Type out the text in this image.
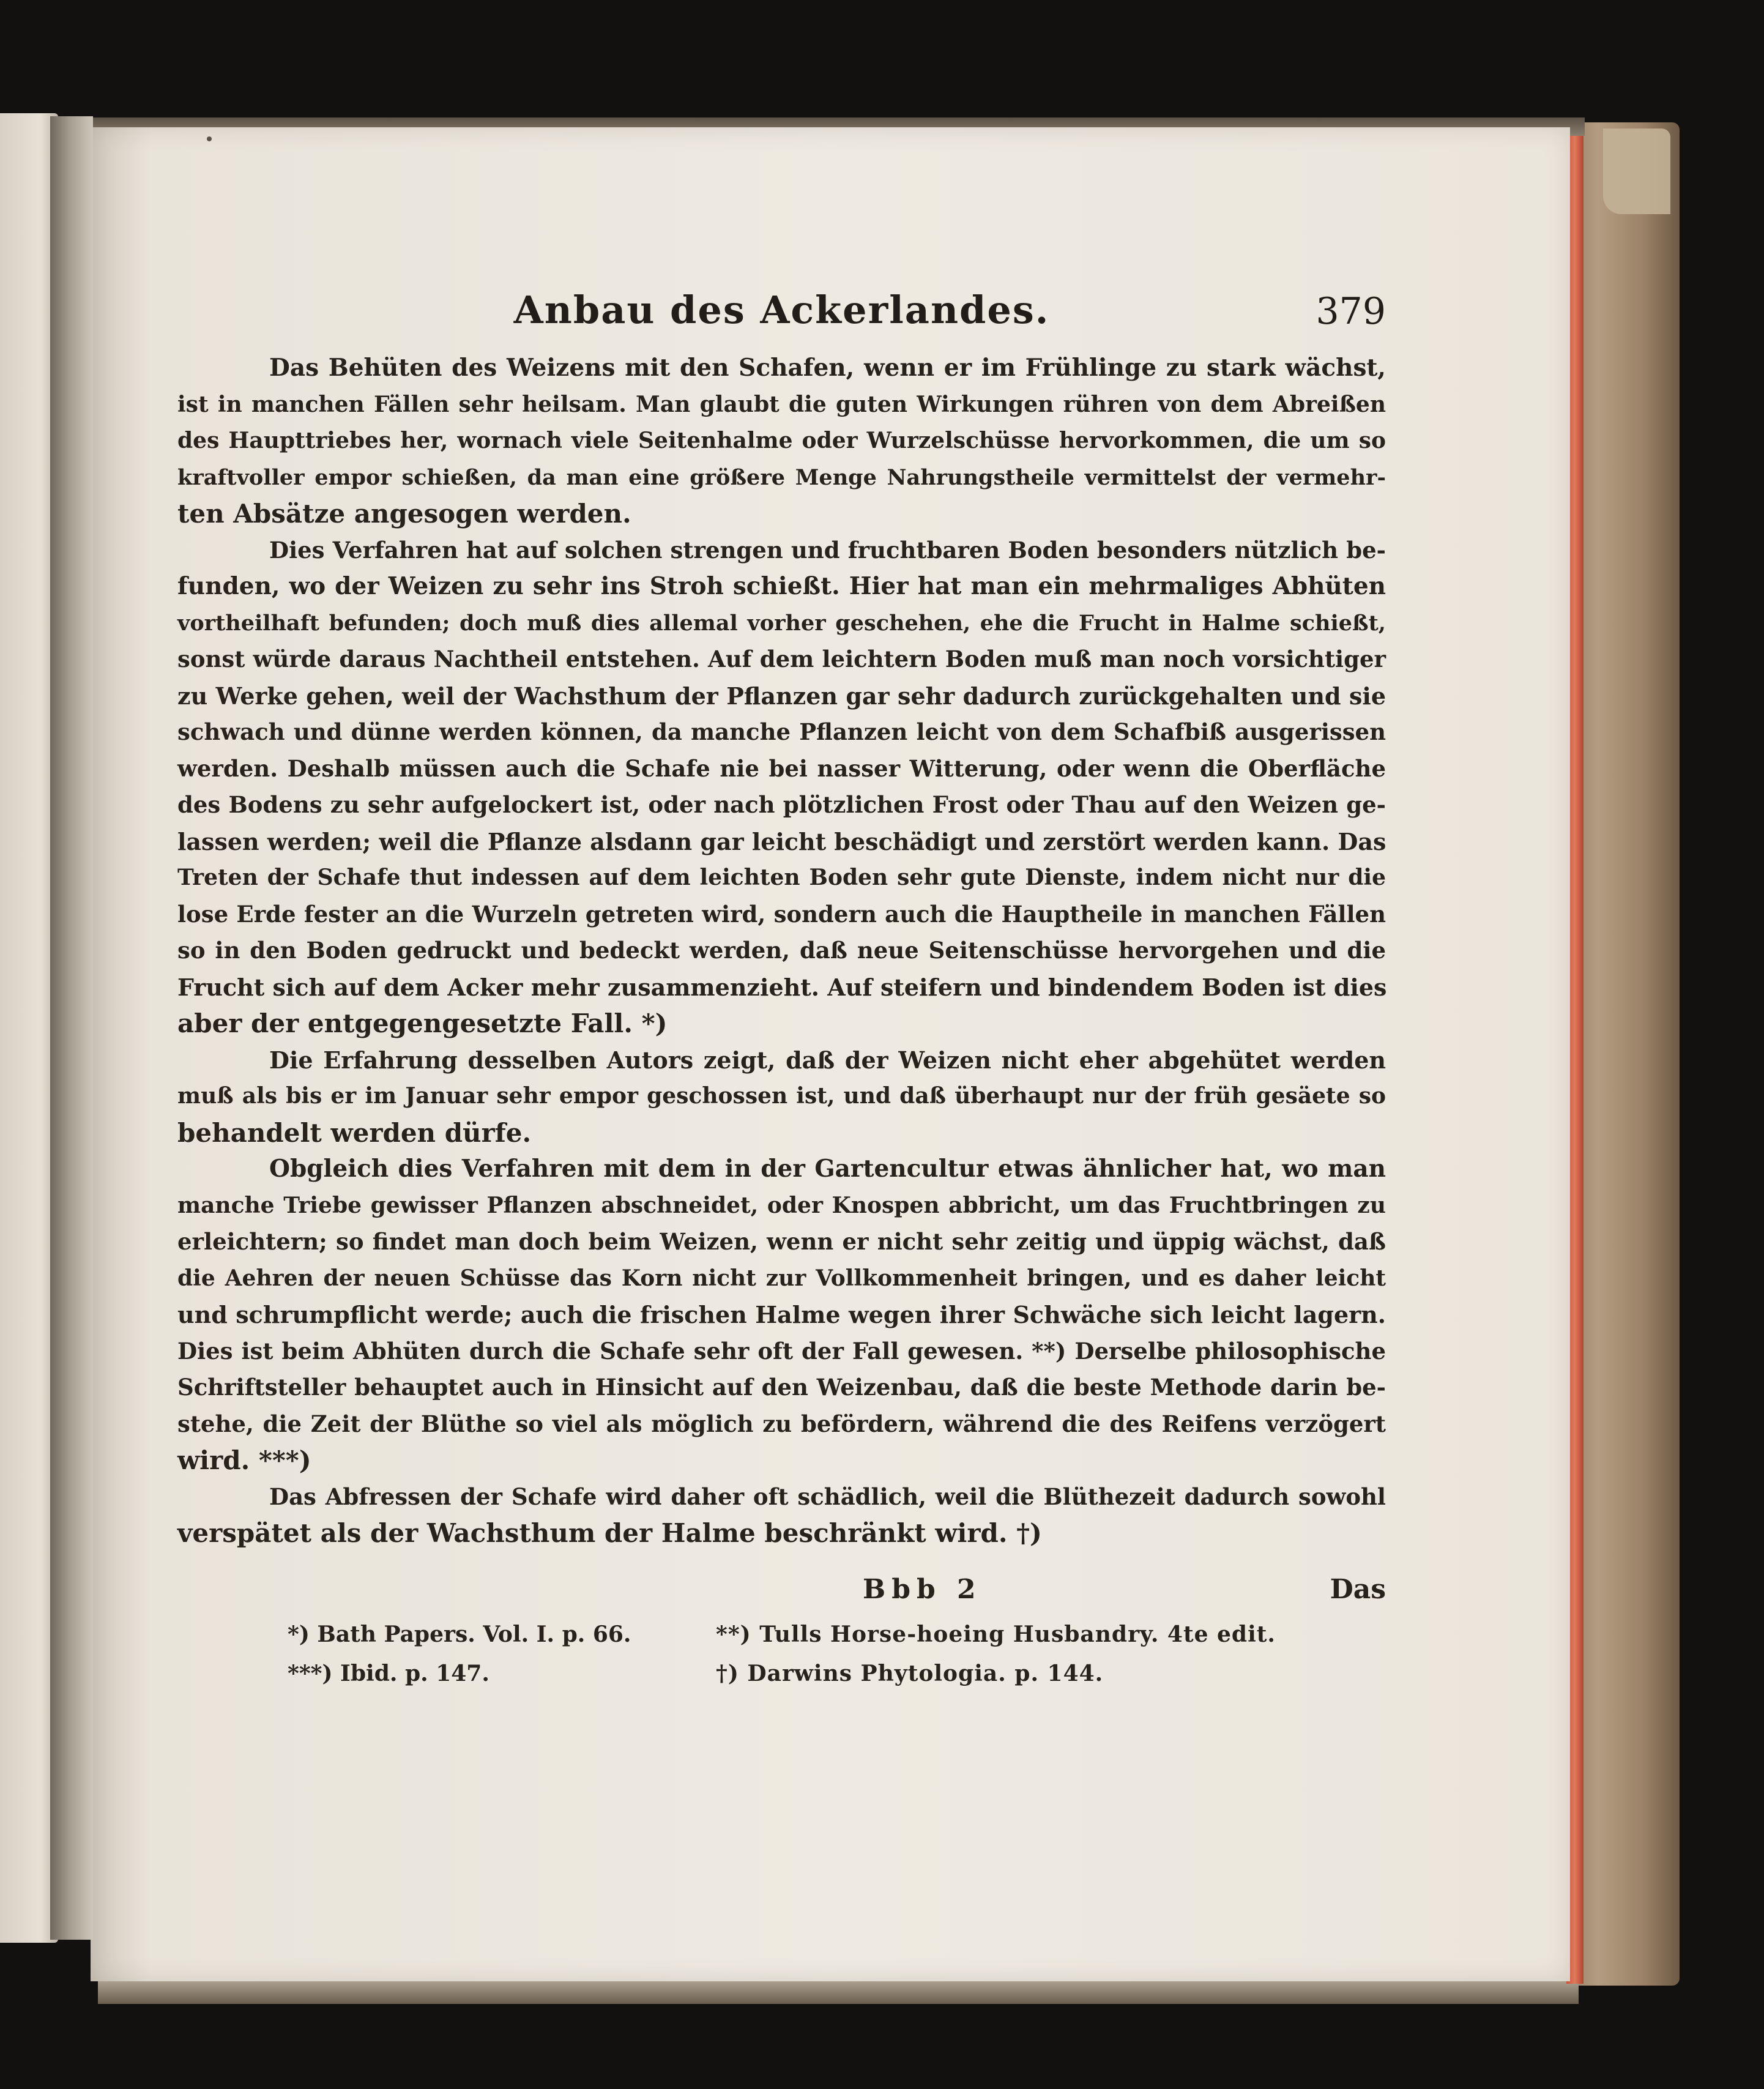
Anbau des Ackerlandes.	379
Das Behüten des Weizens mit den Schafen, wenn er im Frühlinge zu stark wächst,
ist in manchen Fällen sehr heilsam. Man glaubt die guten Wirkungen rühren von dem Abreißen
des Haupttriebes her, wornach viele Seitenhalme oder Wurzelschüsse hervorkommen, die um so
kraftvoller empor schießen, da man eine größere Menge Nahrungstheile vermittelst der vermehr-
ten Absätze angesogen werden.
Dies Verfahren hat auf solchen strengen und fruchtbaren Boden besonders nützlich be-
funden, wo der Weizen zu sehr ins Stroh schießt. Hier hat man ein mehrmaliges Abhüten
vortheilhaft befunden; doch muß dies allemal vorher geschehen, ehe die Frucht in Halme schießt,
sonst würde daraus Nachtheil entstehen. Auf dem leichtern Boden muß man noch vorsichtiger
zu Werke gehen, weil der Wachsthum der Pflanzen gar sehr dadurch zurückgehalten und sie
schwach und dünne werden können, da manche Pflanzen leicht von dem Schafbiß ausgerissen
werden. Deshalb müssen auch die Schafe nie bei nasser Witterung, oder wenn die Oberfläche
des Bodens zu sehr aufgelockert ist, oder nach plötzlichen Frost oder Thau auf den Weizen ge-
lassen werden; weil die Pflanze alsdann gar leicht beschädigt und zerstört werden kann. Das
Treten der Schafe thut indessen auf dem leichten Boden sehr gute Dienste, indem nicht nur die
lose Erde fester an die Wurzeln getreten wird, sondern auch die Hauptheile in manchen Fällen
so in den Boden gedruckt und bedeckt werden, daß neue Seitenschüsse hervorgehen und die
Frucht sich auf dem Acker mehr zusammenzieht. Auf steifern und bindendem Boden ist dies
aber der entgegengesetzte Fall. *)
Die Erfahrung desselben Autors zeigt, daß der Weizen nicht eher abgehütet werden
muß als bis er im Januar sehr empor geschossen ist, und daß überhaupt nur der früh gesäete so
behandelt werden dürfe.
Obgleich dies Verfahren mit dem in der Gartencultur etwas ähnlicher hat, wo man
manche Triebe gewisser Pflanzen abschneidet, oder Knospen abbricht, um das Fruchtbringen zu
erleichtern; so findet man doch beim Weizen, wenn er nicht sehr zeitig und üppig wächst, daß
die Aehren der neuen Schüsse das Korn nicht zur Vollkommenheit bringen, und es daher leicht
und schrumpflicht werde; auch die frischen Halme wegen ihrer Schwäche sich leicht lagern.
Dies ist beim Abhüten durch die Schafe sehr oft der Fall gewesen. **) Derselbe philosophische
Schriftsteller behauptet auch in Hinsicht auf den Weizenbau, daß die beste Methode darin be-
stehe, die Zeit der Blüthe so viel als möglich zu befördern, während die des Reifens verzögert
wird. ***)
Das Abfressen der Schafe wird daher oft schädlich, weil die Blüthezeit dadurch sowohl
verspätet als der Wachsthum der Halme beschränkt wird. †)
Bbb 2	Das
*) Bath Papers. Vol. I. p. 66.	**) Tulls Horse-hoeing Husbandry. 4te edit.
***) Ibid. p. 147.	†) Darwins Phytologia. p. 144.
